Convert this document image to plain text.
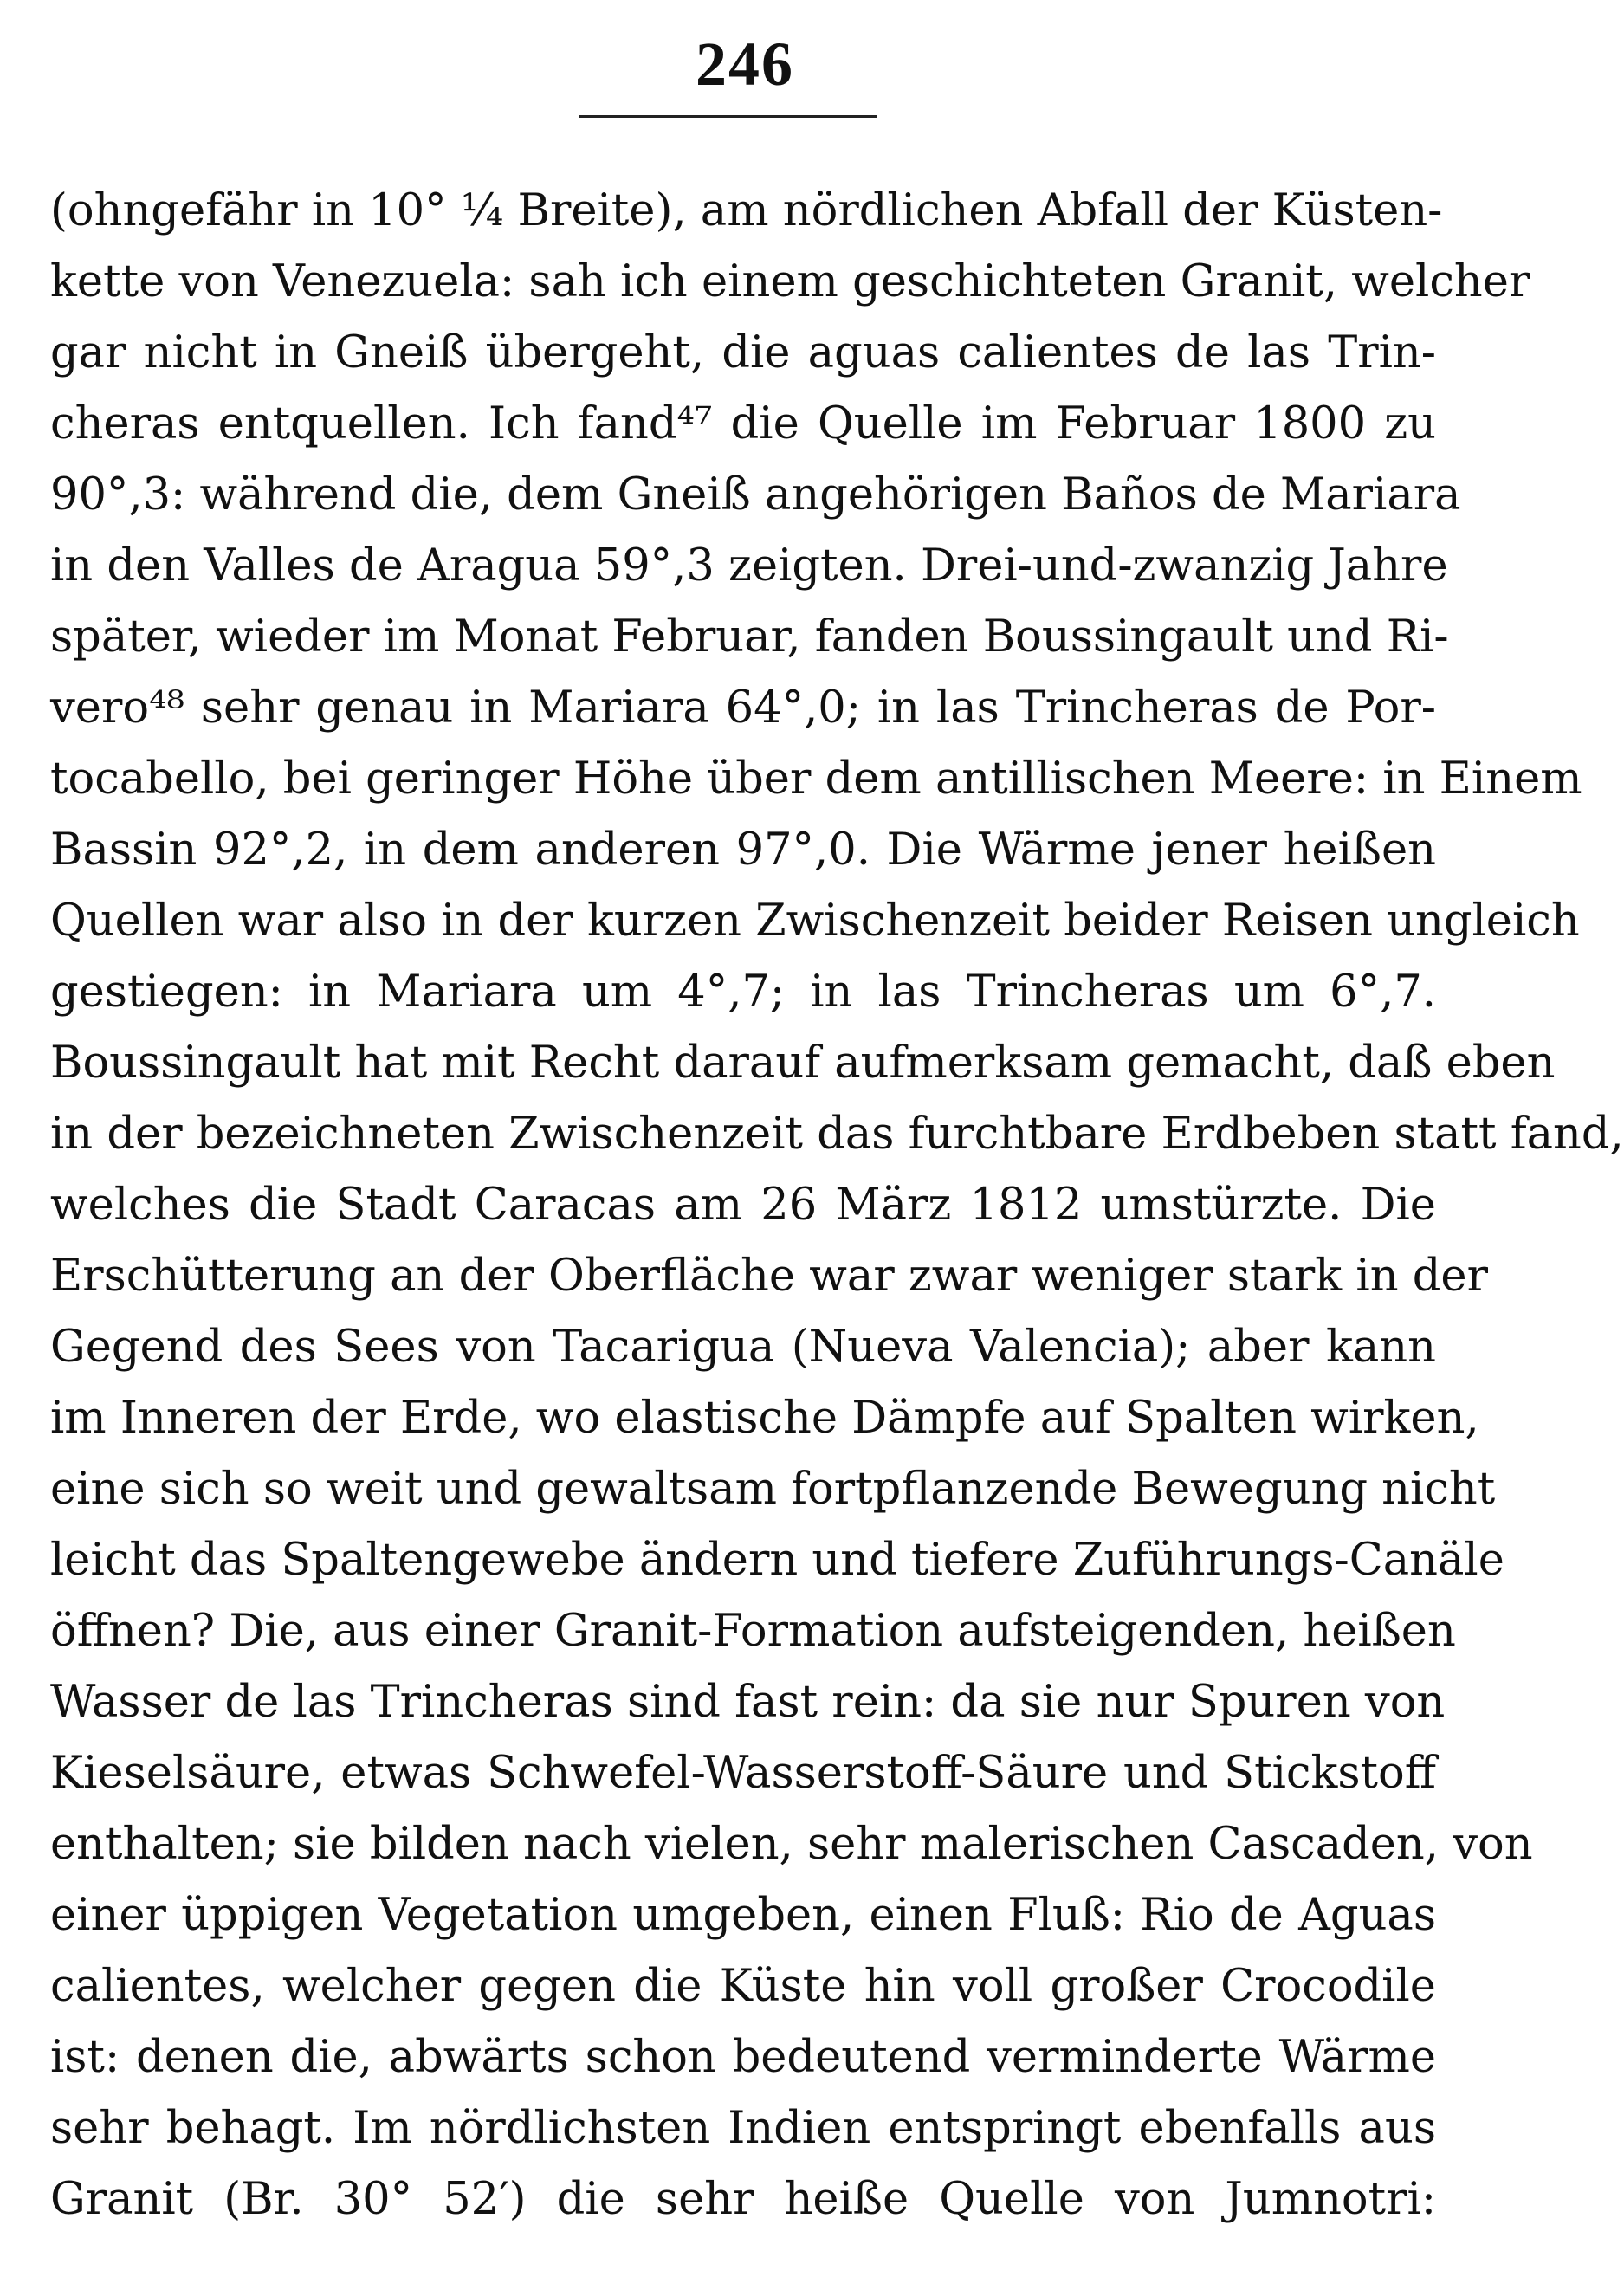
246
(ohngefähr in 10° ¼ Breite), am nördlichen Abfall der Küsten-
kette von Venezuela: sah ich einem geschichteten Granit, welcher
gar nicht in Gneiß übergeht, die aguas calientes de las Trin-
cheras entquellen. Ich fand⁴⁷ die Quelle im Februar 1800 zu
90°,3: während die, dem Gneiß angehörigen Baños de Mariara
in den Valles de Aragua 59°,3 zeigten. Drei-und-zwanzig Jahre
später, wieder im Monat Februar, fanden Boussingault und Ri-
vero⁴⁸ sehr genau in Mariara 64°,0; in las Trincheras de Por-
tocabello, bei geringer Höhe über dem antillischen Meere: in Einem
Bassin 92°,2, in dem anderen 97°,0. Die Wärme jener heißen
Quellen war also in der kurzen Zwischenzeit beider Reisen ungleich
gestiegen: in Mariara um 4°,7; in las Trincheras um 6°,7.
Boussingault hat mit Recht darauf aufmerksam gemacht, daß eben
in der bezeichneten Zwischenzeit das furchtbare Erdbeben statt fand,
welches die Stadt Caracas am 26 März 1812 umstürzte. Die
Erschütterung an der Oberfläche war zwar weniger stark in der
Gegend des Sees von Tacarigua (Nueva Valencia); aber kann
im Inneren der Erde, wo elastische Dämpfe auf Spalten wirken,
eine sich so weit und gewaltsam fortpflanzende Bewegung nicht
leicht das Spaltengewebe ändern und tiefere Zuführungs-Canäle
öffnen? Die, aus einer Granit-Formation aufsteigenden, heißen
Wasser de las Trincheras sind fast rein: da sie nur Spuren von
Kieselsäure, etwas Schwefel-Wasserstoff-Säure und Stickstoff
enthalten; sie bilden nach vielen, sehr malerischen Cascaden, von
einer üppigen Vegetation umgeben, einen Fluß: Rio de Aguas
calientes, welcher gegen die Küste hin voll großer Crocodile
ist: denen die, abwärts schon bedeutend verminderte Wärme
sehr behagt. Im nördlichsten Indien entspringt ebenfalls aus
Granit (Br. 30° 52′) die sehr heiße Quelle von Jumnotri:
